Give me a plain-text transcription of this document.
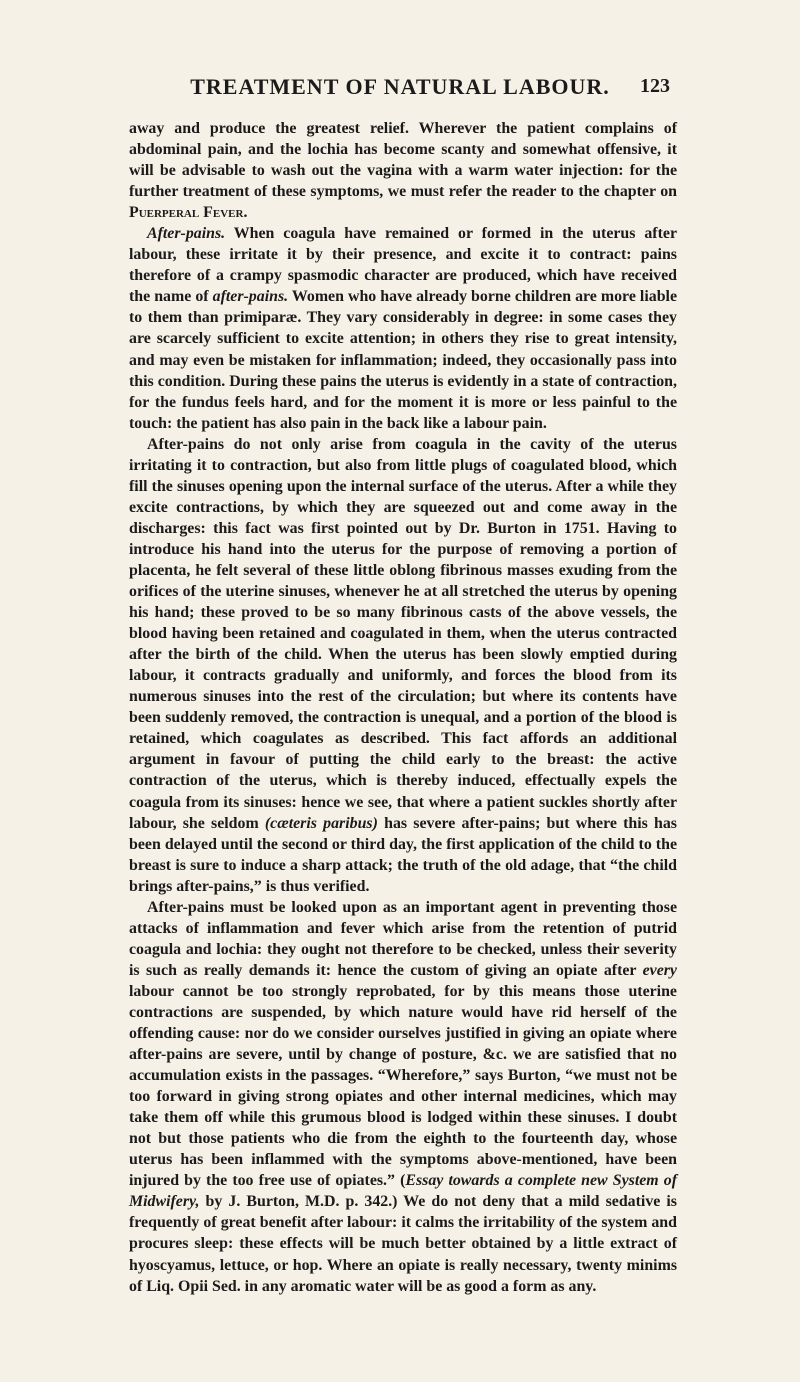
TREATMENT OF NATURAL LABOUR.	123

away and produce the greatest relief. Wherever the patient complains of abdominal pain, and the lochia has become scanty and somewhat offensive, it will be advisable to wash out the vagina with a warm water injection: for the further treatment of these symptoms, we must refer the reader to the chapter on Puerperal Fever.

After-pains. When coagula have remained or formed in the uterus after labour, these irritate it by their presence, and excite it to contract: pains therefore of a crampy spasmodic character are produced, which have received the name of after-pains. Women who have already borne children are more liable to them than primiparæ. They vary considerably in degree: in some cases they are scarcely sufficient to excite attention; in others they rise to great intensity, and may even be mistaken for inflammation; indeed, they occasionally pass into this condition. During these pains the uterus is evidently in a state of contraction, for the fundus feels hard, and for the moment it is more or less painful to the touch: the patient has also pain in the back like a labour pain.

After-pains do not only arise from coagula in the cavity of the uterus irritating it to contraction, but also from little plugs of coagulated blood, which fill the sinuses opening upon the internal surface of the uterus. After a while they excite contractions, by which they are squeezed out and come away in the discharges: this fact was first pointed out by Dr. Burton in 1751. Having to introduce his hand into the uterus for the purpose of removing a portion of placenta, he felt several of these little oblong fibrinous masses exuding from the orifices of the uterine sinuses, whenever he at all stretched the uterus by opening his hand; these proved to be so many fibrinous casts of the above vessels, the blood having been retained and coagulated in them, when the uterus contracted after the birth of the child. When the uterus has been slowly emptied during labour, it contracts gradually and uniformly, and forces the blood from its numerous sinuses into the rest of the circulation; but where its contents have been suddenly removed, the contraction is unequal, and a portion of the blood is retained, which coagulates as described. This fact affords an additional argument in favour of putting the child early to the breast: the active contraction of the uterus, which is thereby induced, effectually expels the coagula from its sinuses: hence we see, that where a patient suckles shortly after labour, she seldom (cæteris paribus) has severe after-pains; but where this has been delayed until the second or third day, the first application of the child to the breast is sure to induce a sharp attack; the truth of the old adage, that “the child brings after-pains,” is thus verified.

After-pains must be looked upon as an important agent in preventing those attacks of inflammation and fever which arise from the retention of putrid coagula and lochia: they ought not therefore to be checked, unless their severity is such as really demands it: hence the custom of giving an opiate after every labour cannot be too strongly reprobated, for by this means those uterine contractions are suspended, by which nature would have rid herself of the offending cause: nor do we consider ourselves justified in giving an opiate where after-pains are severe, until by change of posture, &c. we are satisfied that no accumulation exists in the passages. “Wherefore,” says Burton, “we must not be too forward in giving strong opiates and other internal medicines, which may take them off while this grumous blood is lodged within these sinuses. I doubt not but those patients who die from the eighth to the fourteenth day, whose uterus has been inflammed with the symptoms above-mentioned, have been injured by the too free use of opiates.” (Essay towards a complete new System of Midwifery, by J. Burton, M.D. p. 342.) We do not deny that a mild sedative is frequently of great benefit after labour: it calms the irritability of the system and procures sleep: these effects will be much better obtained by a little extract of hyoscyamus, lettuce, or hop. Where an opiate is really necessary, twenty minims of Liq. Opii Sed. in any aromatic water will be as good a form as any.
